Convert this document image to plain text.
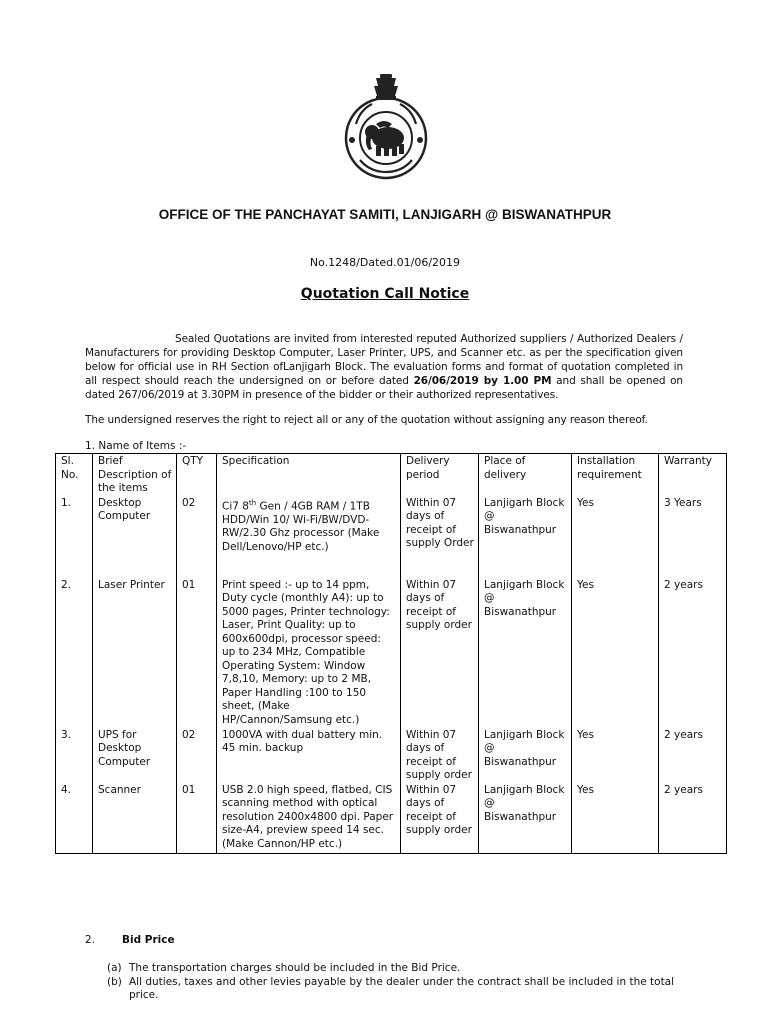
OFFICE OF THE PANCHAYAT SAMITI, LANJIGARH @ BISWANATHPUR
No.1248/Dated.01/06/2019
Quotation Call Notice
Sealed Quotations are invited from interested reputed Authorized suppliers / Authorized Dealers / Manufacturers for providing Desktop Computer, Laser Printer, UPS, and Scanner etc. as per the specification given below for official use in RH Section ofLanjigarh Block. The evaluation forms and format of quotation completed in all respect should reach the undersigned on or before dated 26/06/2019 by 1.00 PM and shall be opened on dated 267/06/2019 at 3.30PM in presence of the bidder or their authorized representatives.
The undersigned reserves the right to reject all or any of the quotation without assigning any reason thereof.
1. Name of Items :-
Sl. No.	Brief Description of the items	QTY	Specification	Delivery period	Place of delivery	Installation requirement	Warranty
1.	Desktop Computer	02	Ci7 8th Gen / 4GB RAM / 1TB HDD/Win 10/ Wi-Fi/BW/DVD-RW/2.30 Ghz processor (Make Dell/Lenovo/HP etc.)	Within 07 days of receipt of supply Order	Lanjigarh Block @ Biswanathpur	Yes	3 Years
2.	Laser Printer	01	Print speed :- up to 14 ppm, Duty cycle (monthly A4): up to 5000 pages, Printer technology: Laser, Print Quality: up to 600x600dpi, processor speed: up to 234 MHz, Compatible Operating System: Window 7,8,10, Memory: up to 2 MB, Paper Handling :100 to 150 sheet, (Make HP/Cannon/Samsung etc.)	Within 07 days of receipt of supply order	Lanjigarh Block @ Biswanathpur	Yes	2 years
3.	UPS for Desktop Computer	02	1000VA with dual battery min. 45 min. backup	Within 07 days of receipt of supply order	Lanjigarh Block @ Biswanathpur	Yes	2 years
4.	Scanner	01	USB 2.0 high speed, flatbed, CIS scanning method with optical resolution 2400x4800 dpi. Paper size-A4, preview speed 14 sec. (Make Cannon/HP etc.)	Within 07 days of receipt of supply order	Lanjigarh Block @ Biswanathpur	Yes	2 years
2.	Bid Price
(a) The transportation charges should be included in the Bid Price.
(b) All duties, taxes and other levies payable by the dealer under the contract shall be included in the total price.
